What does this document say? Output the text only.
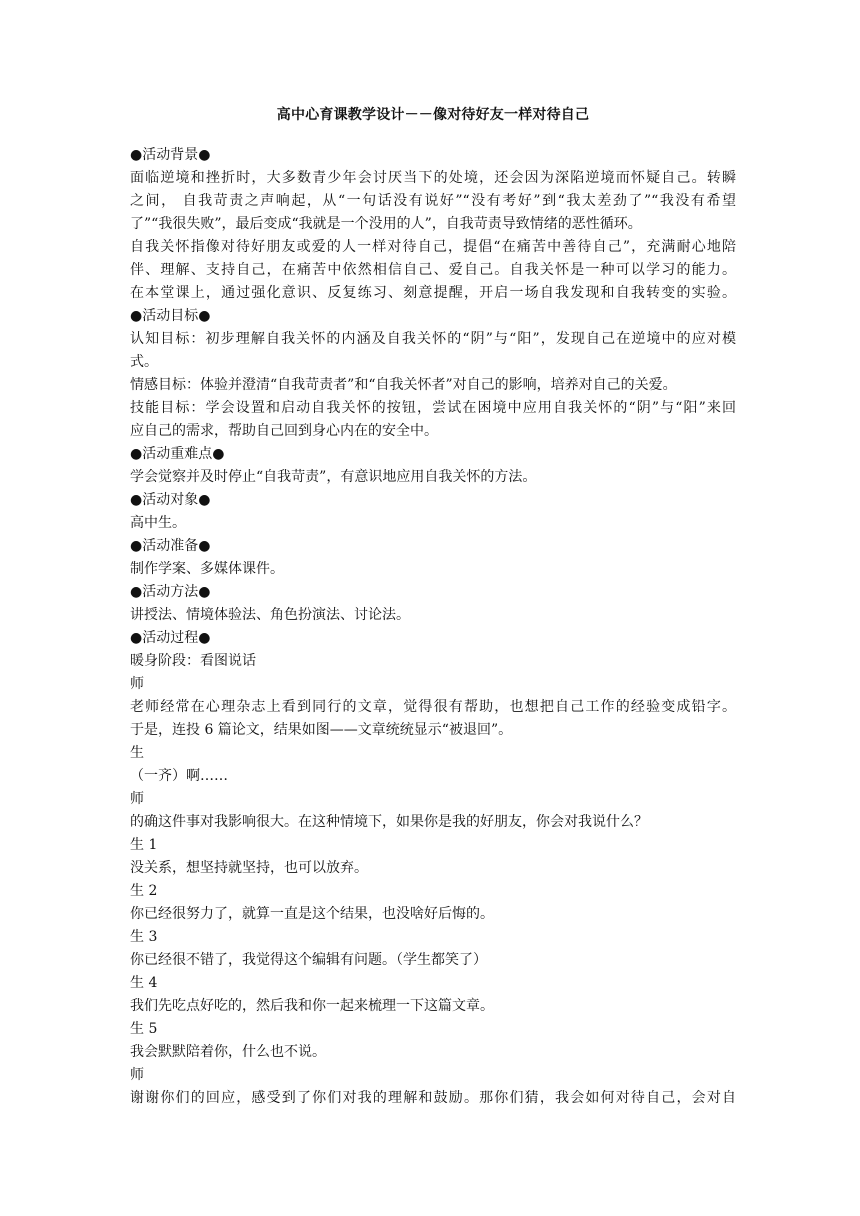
高中心育课教学设计－－像对待好友一样对待自己
●活动背景●
面临逆境和挫折时，大多数青少年会讨厌当下的处境，还会因为深陷逆境而怀疑自己。转瞬
之间， 自我苛责之声响起，从“一句话没有说好”“没有考好”到“我太差劲了”“我没有希望
了”“我很失败”，最后变成“我就是一个没用的人”，自我苛责导致情绪的恶性循环。
自我关怀指像对待好朋友或爱的人一样对待自己，提倡“在痛苦中善待自己”，充满耐心地陪
伴、理解、支持自己，在痛苦中依然相信自己、爱自己。自我关怀是一种可以学习的能力。
在本堂课上，通过强化意识、反复练习、刻意提醒，开启一场自我发现和自我转变的实验。
●活动目标●
认知目标：初步理解自我关怀的内涵及自我关怀的“阴”与“阳”，发现自己在逆境中的应对模
式。
情感目标：体验并澄清“自我苛责者”和“自我关怀者”对自己的影响，培养对自己的关爱。
技能目标：学会设置和启动自我关怀的按钮，尝试在困境中应用自我关怀的“阴”与“阳”来回
应自己的需求，帮助自己回到身心内在的安全中。
●活动重难点●
学会觉察并及时停止“自我苛责”，有意识地应用自我关怀的方法。
●活动对象●
高中生。
●活动准备●
制作学案、多媒体课件。
●活动方法●
讲授法、情境体验法、角色扮演法、讨论法。
●活动过程●
暖身阶段：看图说话
师
老师经常在心理杂志上看到同行的文章，觉得很有帮助，也想把自己工作的经验变成铅字。
于是，连投 6 篇论文，结果如图——文章统统显示“被退回”。
生
（一齐）啊……
师
的确这件事对我影响很大。在这种情境下，如果你是我的好朋友，你会对我说什么？
生 1
没关系，想坚持就坚持，也可以放弃。
生 2
你已经很努力了，就算一直是这个结果，也没啥好后悔的。
生 3
你已经很不错了，我觉得这个编辑有问题。（学生都笑了）
生 4
我们先吃点好吃的，然后我和你一起来梳理一下这篇文章。
生 5
我会默默陪着你，什么也不说。
师
谢谢你们的回应，感受到了你们对我的理解和鼓励。那你们猜，我会如何对待自己，会对自
